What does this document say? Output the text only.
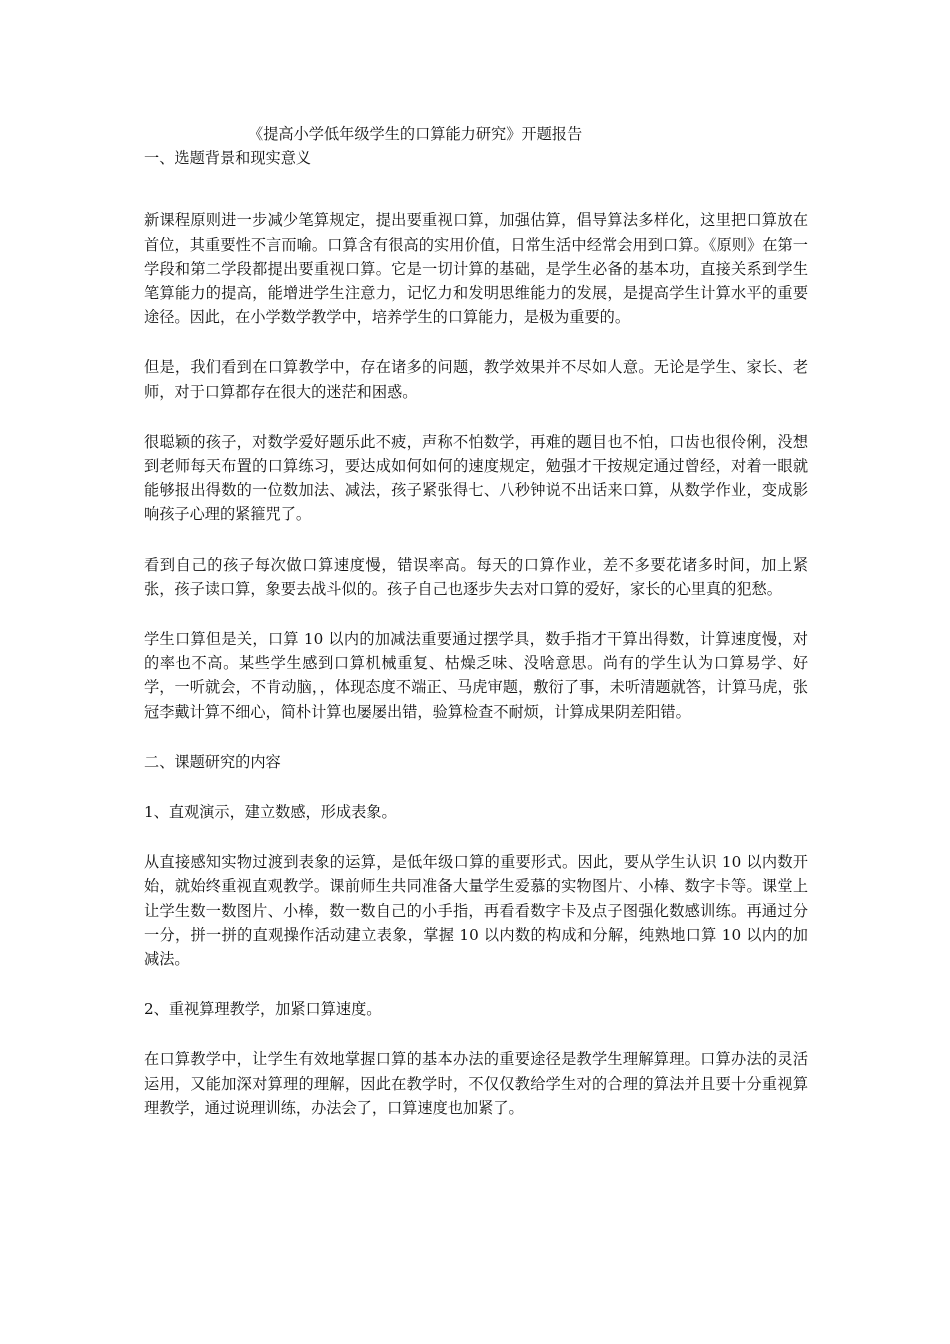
《提高小学低年级学生的口算能力研究》开题报告
一、选题背景和现实意义

新课程原则进一步减少笔算规定，提出要重视口算，加强估算，倡导算法多样化，这里把口算放在首位，其重要性不言而喻。口算含有很高的实用价值，日常生活中经常会用到口算。《原则》在第一学段和第二学段都提出要重视口算。它是一切计算的基础，是学生必备的基本功，直接关系到学生笔算能力的提高，能增进学生注意力，记忆力和发明思维能力的发展，是提高学生计算水平的重要途径。因此，在小学数学教学中，培养学生的口算能力，是极为重要的。

但是，我们看到在口算教学中，存在诸多的问题，教学效果并不尽如人意。无论是学生、家长、老师，对于口算都存在很大的迷茫和困惑。

很聪颖的孩子，对数学爱好题乐此不疲，声称不怕数学，再难的题目也不怕，口齿也很伶俐，没想到老师每天布置的口算练习，要达成如何如何的速度规定，勉强才干按规定通过曾经，对着一眼就能够报出得数的一位数加法、减法，孩子紧张得七、八秒钟说不出话来口算，从数学作业，变成影响孩子心理的紧箍咒了。

看到自己的孩子每次做口算速度慢，错误率高。每天的口算作业，差不多要花诸多时间，加上紧张，孩子读口算，象要去战斗似的。孩子自己也逐步失去对口算的爱好，家长的心里真的犯愁。

学生口算但是关，口算 10 以内的加减法重要通过摆学具，数手指才干算出得数，计算速度慢，对的率也不高。某些学生感到口算机械重复、枯燥乏味、没啥意思。尚有的学生认为口算易学、好学，一听就会，不肯动脑，，体现态度不端正、马虎审题，敷衍了事，未听清题就答，计算马虎，张冠李戴计算不细心，简朴计算也屡屡出错，验算检查不耐烦，计算成果阴差阳错。

二、课题研究的内容

1、直观演示，建立数感，形成表象。

从直接感知实物过渡到表象的运算，是低年级口算的重要形式。因此，要从学生认识 10 以内数开始，就始终重视直观教学。课前师生共同准备大量学生爱慕的实物图片、小棒、数字卡等。课堂上让学生数一数图片、小棒，数一数自己的小手指，再看看数字卡及点子图强化数感训练。再通过分一分，拼一拼的直观操作活动建立表象，掌握 10 以内数的构成和分解，纯熟地口算 10 以内的加减法。

2、重视算理教学，加紧口算速度。

在口算教学中，让学生有效地掌握口算的基本办法的重要途径是教学生理解算理。口算办法的灵活运用，又能加深对算理的理解，因此在教学时，不仅仅教给学生对的合理的算法并且要十分重视算理教学，通过说理训练，办法会了，口算速度也加紧了。
